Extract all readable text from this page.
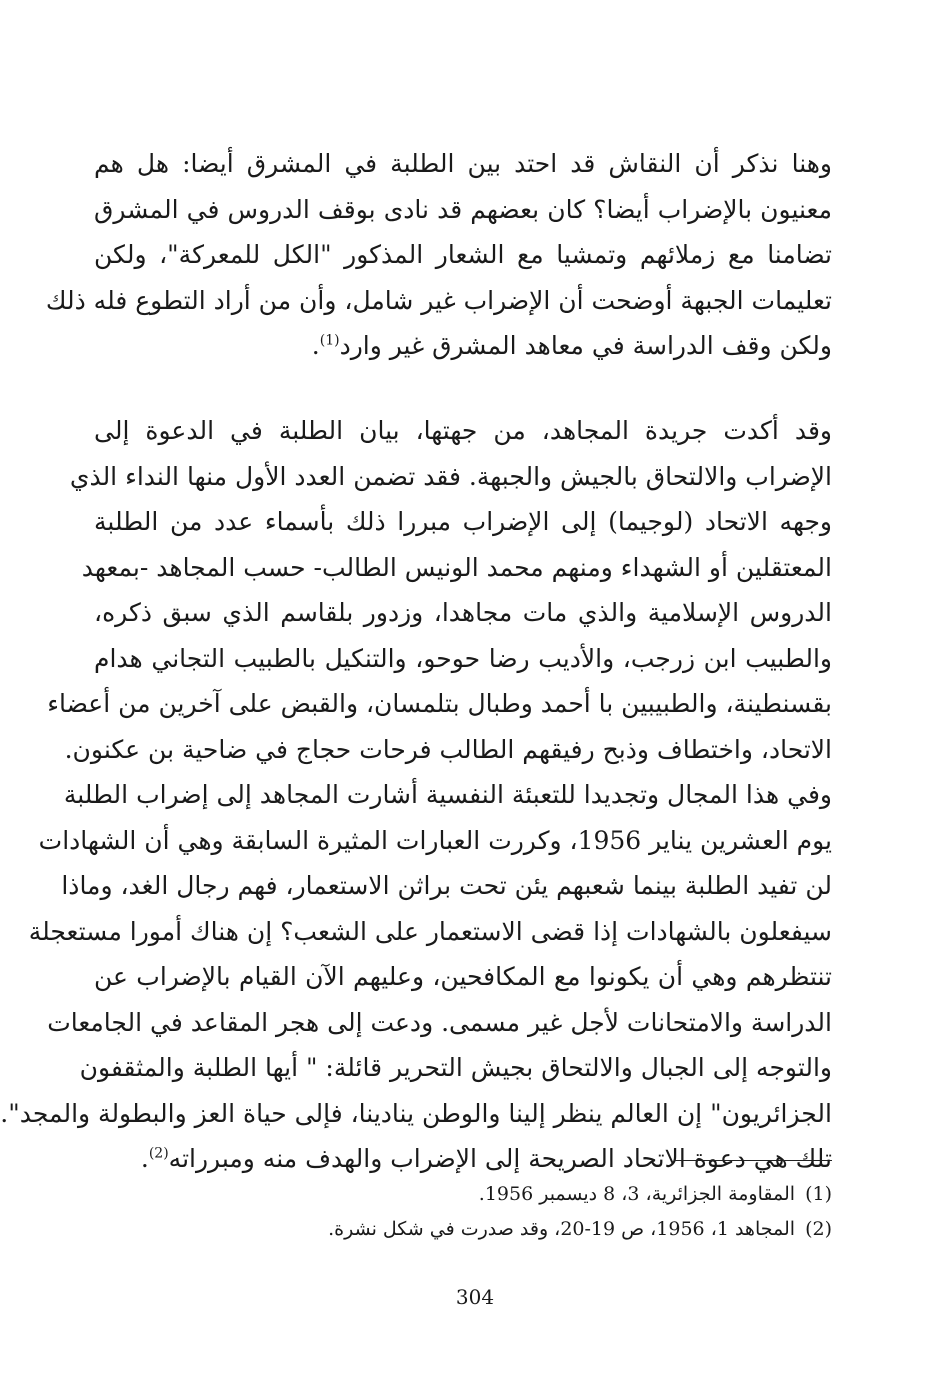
وهنا نذكر أن النقاش قد احتد بين الطلبة في المشرق أيضا: هل هم
معنيون بالإضراب أيضا؟ كان بعضهم قد نادى بوقف الدروس في المشرق
تضامنا مع زملائهم وتمشيا مع الشعار المذكور "الكل للمعركة"، ولكن
تعليمات الجبهة أوضحت أن الإضراب غير شامل، وأن من أراد التطوع فله ذلك
ولكن وقف الدراسة في معاهد المشرق غير وارد$^{(1)}$.
وقد أكدت جريدة المجاهد، من جهتها، بيان الطلبة في الدعوة إلى
الإضراب والالتحاق بالجيش والجبهة. فقد تضمن العدد الأول منها النداء الذي
وجهه الاتحاد (لوجيما) إلى الإضراب مبررا ذلك بأسماء عدد من الطلبة
المعتقلين أو الشهداء ومنهم محمد الونيس الطالب- حسب المجاهد -بمعهد
الدروس الإسلامية والذي مات مجاهدا، وزدور بلقاسم الذي سبق ذكره،
والطبيب ابن زرجب، والأديب رضا حوحو، والتنكيل بالطبيب التجاني هدام
بقسنطينة، والطبيبين با أحمد وطبال بتلمسان، والقبض على آخرين من أعضاء
الاتحاد، واختطاف وذبح رفيقهم الطالب فرحات حجاج في ضاحية بن عكنون.
وفي هذا المجال وتجديدا للتعبئة النفسية أشارت المجاهد إلى إضراب الطلبة
يوم العشرين يناير 1956، وكررت العبارات المثيرة السابقة وهي أن الشهادات
لن تفيد الطلبة بينما شعبهم يئن تحت براثن الاستعمار، فهم رجال الغد، وماذا
سيفعلون بالشهادات إذا قضى الاستعمار على الشعب؟ إن هناك أمورا مستعجلة
تنتظرهم وهي أن يكونوا مع المكافحين، وعليهم الآن القيام بالإضراب عن
الدراسة والامتحانات لأجل غير مسمى. ودعت إلى هجر المقاعد في الجامعات
والتوجه إلى الجبال والالتحاق بجيش التحرير قائلة: " أيها الطلبة والمثقفون
الجزائريون" إن العالم ينظر إلينا والوطن ينادينا، فإلى حياة العز والبطولة والمجد".
تلك هي دعوة الاتحاد الصريحة إلى الإضراب والهدف منه ومبرراته$^{(2)}$.
(1)المقاومة الجزائرية، 3، 8 ديسمبر 1956.
(2)المجاهد 1، 1956، ص 19-20، وقد صدرت في شكل نشرة.
304
